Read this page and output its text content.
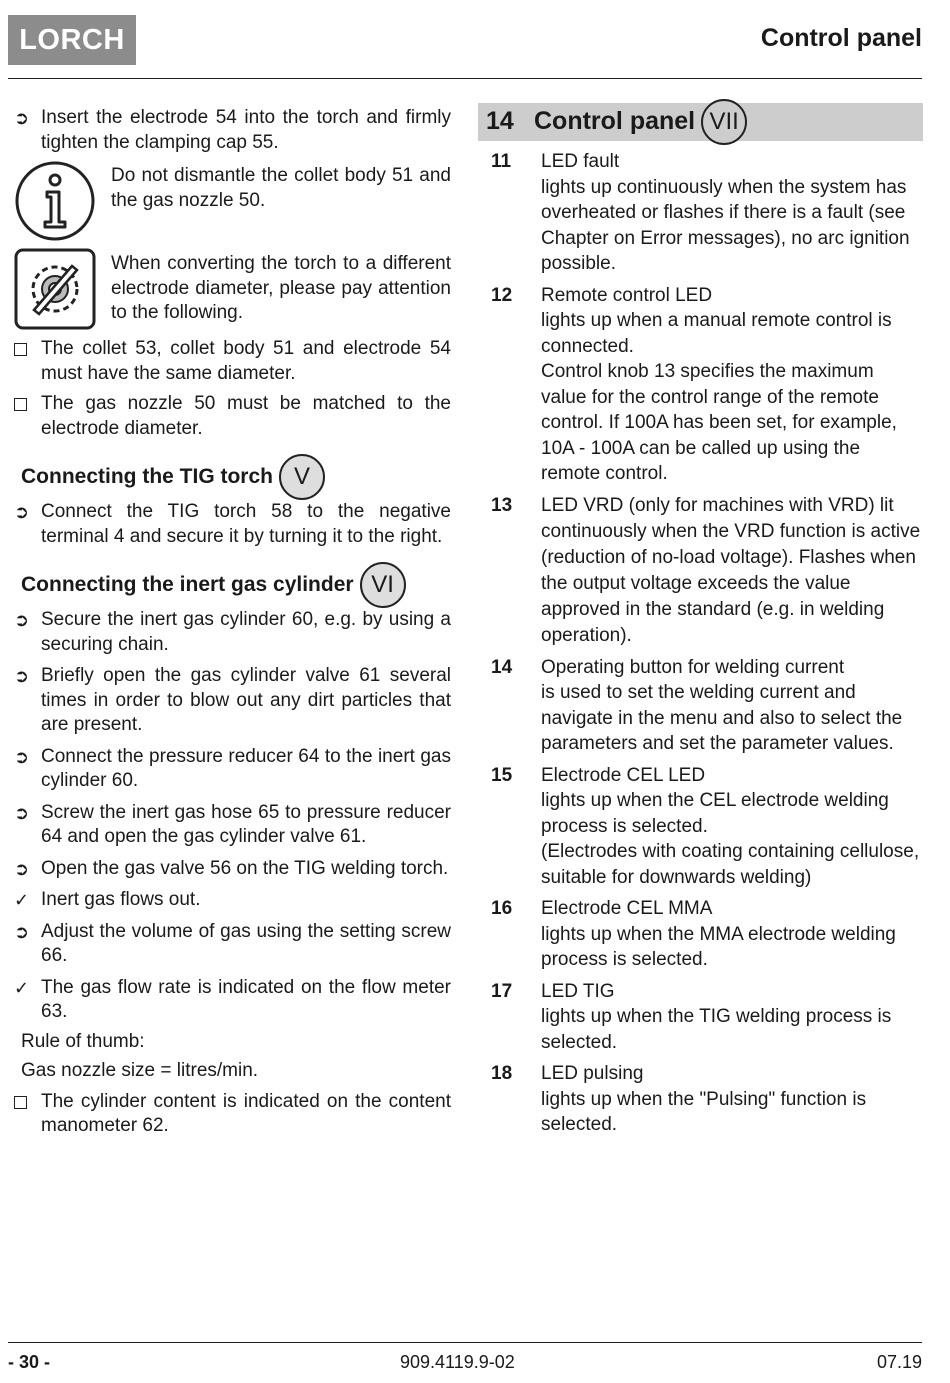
LORCH	Control panel
➲ Insert the electrode 54 into the torch and firmly tighten the clamping cap 55.
Do not dismantle the collet body 51 and the gas nozzle 50.
When converting the torch to a different electrode diameter, please pay attention to the following.
The collet 53, collet body 51 and electrode 54 must have the same diameter.
The gas nozzle 50 must be matched to the electrode diameter.
Connecting the TIG torch V
➲ Connect the TIG torch 58 to the negative terminal 4 and secure it by turning it to the right.
Connecting the inert gas cylinder VI
➲ Secure the inert gas cylinder 60, e.g. by using a securing chain.
➲ Briefly open the gas cylinder valve 61 several times in order to blow out any dirt particles that are present.
➲ Connect the pressure reducer 64 to the inert gas cylinder 60.
➲ Screw the inert gas hose 65 to pressure reducer 64 and open the gas cylinder valve 61.
➲ Open the gas valve 56 on the TIG welding torch.
✓ Inert gas flows out.
➲ Adjust the volume of gas using the setting screw 66.
✓ The gas flow rate is indicated on the flow meter 63.
Rule of thumb:
Gas nozzle size = litres/min.
The cylinder content is indicated on the content manometer 62.
14 Control panel VII
11	LED fault
lights up continuously when the system has overheated or flashes if there is a fault (see Chapter on Error messages), no arc ignition possible.
12	Remote control LED
lights up when a manual remote control is connected.
Control knob 13 specifies the maximum value for the control range of the remote control. If 100A has been set, for example, 10A - 100A can be called up using the remote control.
13	LED VRD (only for machines with VRD) lit continuously when the VRD function is active (reduction of no-load voltage). Flashes when the output voltage exceeds the value approved in the standard (e.g. in welding operation).
14	Operating button for welding current
is used to set the welding current and navigate in the menu and also to select the parameters and set the parameter values.
15	Electrode CEL LED
lights up when the CEL electrode welding process is selected.
(Electrodes with coating containing cellulose, suitable for downwards welding)
16	Electrode CEL MMA
lights up when the MMA electrode welding process is selected.
17	LED TIG
lights up when the TIG welding process is selected.
18	LED pulsing
lights up when the "Pulsing" function is selected.
- 30 -	909.4119.9-02	07.19
